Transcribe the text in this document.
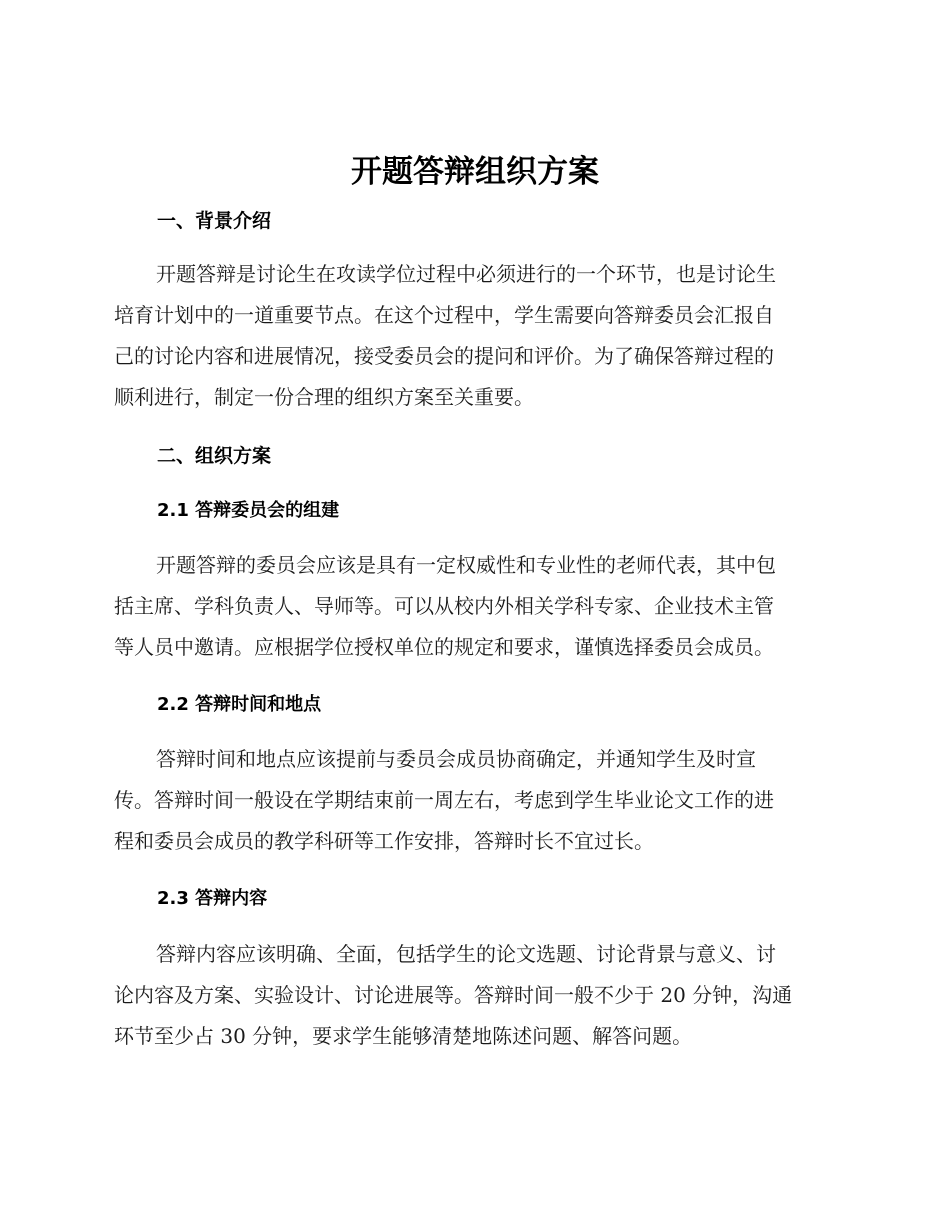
开题答辩组织方案
一、背景介绍
开题答辩是讨论生在攻读学位过程中必须进行的一个环节，也是讨论生
培育计划中的一道重要节点。在这个过程中，学生需要向答辩委员会汇报自
己的讨论内容和进展情况，接受委员会的提问和评价。为了确保答辩过程的
顺利进行，制定一份合理的组织方案至关重要。
二、组织方案
2.1 答辩委员会的组建
开题答辩的委员会应该是具有一定权威性和专业性的老师代表，其中包
括主席、学科负责人、导师等。可以从校内外相关学科专家、企业技术主管
等人员中邀请。应根据学位授权单位的规定和要求，谨慎选择委员会成员。
2.2 答辩时间和地点
答辩时间和地点应该提前与委员会成员协商确定，并通知学生及时宣
传。答辩时间一般设在学期结束前一周左右，考虑到学生毕业论文工作的进
程和委员会成员的教学科研等工作安排，答辩时长不宜过长。
2.3 答辩内容
答辩内容应该明确、全面，包括学生的论文选题、讨论背景与意义、讨
论内容及方案、实验设计、讨论进展等。答辩时间一般不少于 20 分钟，沟通
环节至少占 30 分钟，要求学生能够清楚地陈述问题、解答问题。
